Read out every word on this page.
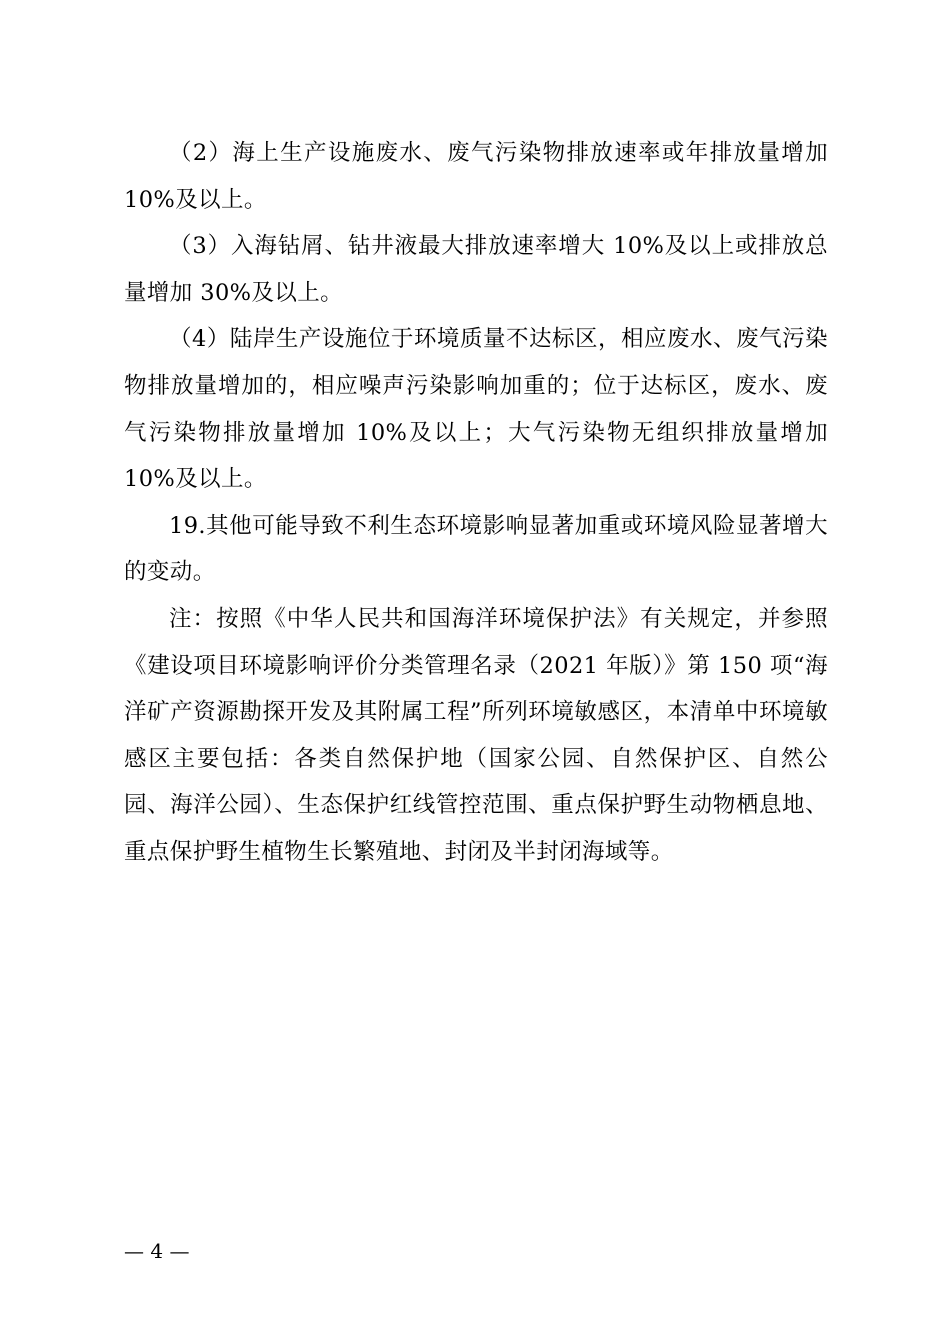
（2）海上生产设施废水、废气污染物排放速率或年排放量增加10%及以上。

（3）入海钻屑、钻井液最大排放速率增大 10%及以上或排放总量增加 30%及以上。

（4）陆岸生产设施位于环境质量不达标区，相应废水、废气污染物排放量增加的，相应噪声污染影响加重的；位于达标区，废水、废气污染物排放量增加 10%及以上；大气污染物无组织排放量增加10%及以上。

19.其他可能导致不利生态环境影响显著加重或环境风险显著增大的变动。

注：按照《中华人民共和国海洋环境保护法》有关规定，并参照《建设项目环境影响评价分类管理名录（2021 年版）》第 150 项“海洋矿产资源勘探开发及其附属工程”所列环境敏感区，本清单中环境敏感区主要包括：各类自然保护地（国家公园、自然保护区、自然公园、海洋公园）、生态保护红线管控范围、重点保护野生动物栖息地、重点保护野生植物生长繁殖地、封闭及半封闭海域等。

— 4 —
